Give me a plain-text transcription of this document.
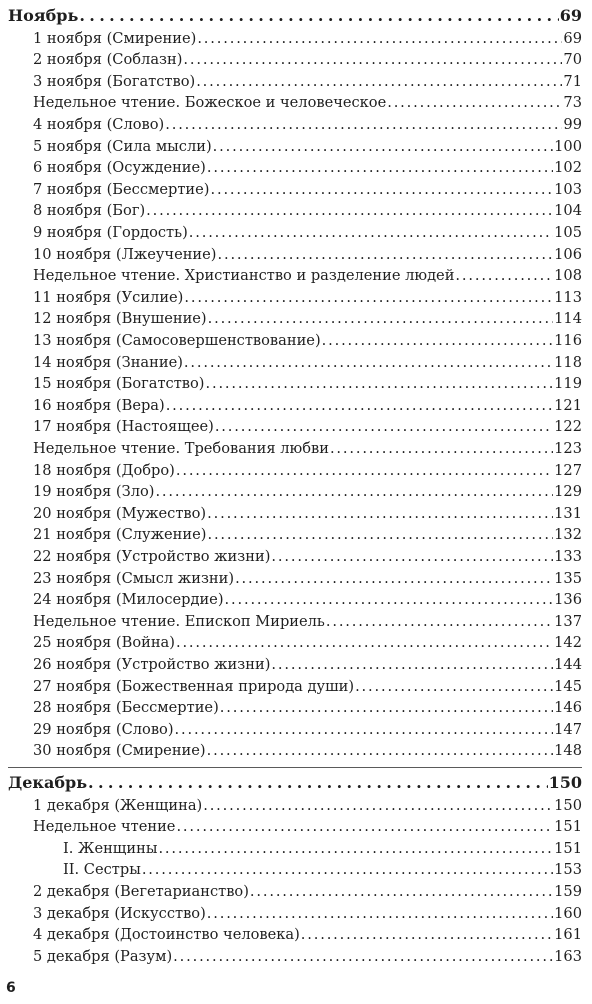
Ноябрь . . .	69
1 ноября (Смирение) . . .	69
2 ноября (Соблазн) . . .	70
3 ноября (Богатство) . . .	71
Недельное чтение. Божеское и человеческое . . .	73
4 ноября (Слово) . . .	99
5 ноября (Сила мысли) . . .	100
6 ноября (Осуждение) . . .	102
7 ноября (Бессмертие) . . .	103
8 ноября (Бог) . . .	104
9 ноября (Гордость) . . .	105
10 ноября (Лжеучение) . . .	106
Недельное чтение. Христианство и разделение людей . . .	108
11 ноября (Усилие) . . .	113
12 ноября (Внушение) . . .	114
13 ноября (Самосовершенствование) . . .	116
14 ноября (Знание) . . .	118
15 ноября (Богатство) . . .	119
16 ноября (Вера) . . .	121
17 ноября (Настоящее) . . .	122
Недельное чтение. Требования любви . . .	123
18 ноября (Добро) . . .	127
19 ноября (Зло) . . .	129
20 ноября (Мужество) . . .	131
21 ноября (Служение) . . .	132
22 ноября (Устройство жизни) . . .	133
23 ноября (Смысл жизни) . . .	135
24 ноября (Милосердие) . . .	136
Недельное чтение. Епископ Мириель . . .	137
25 ноября (Война) . . .	142
26 ноября (Устройство жизни) . . .	144
27 ноября (Божественная природа души) . . .	145
28 ноября (Бессмертие) . . .	146
29 ноября (Слово) . . .	147
30 ноября (Смирение) . . .	148
Декабрь . . .	150
1 декабря (Женщина) . . .	150
Недельное чтение . . .	151
I. Женщины . . .	151
II. Сестры . . .	153
2 декабря (Вегетарианство) . . .	159
3 декабря (Искусство) . . .	160
4 декабря (Достоинство человека) . . .	161
5 декабря (Разум) . . .	163
6
